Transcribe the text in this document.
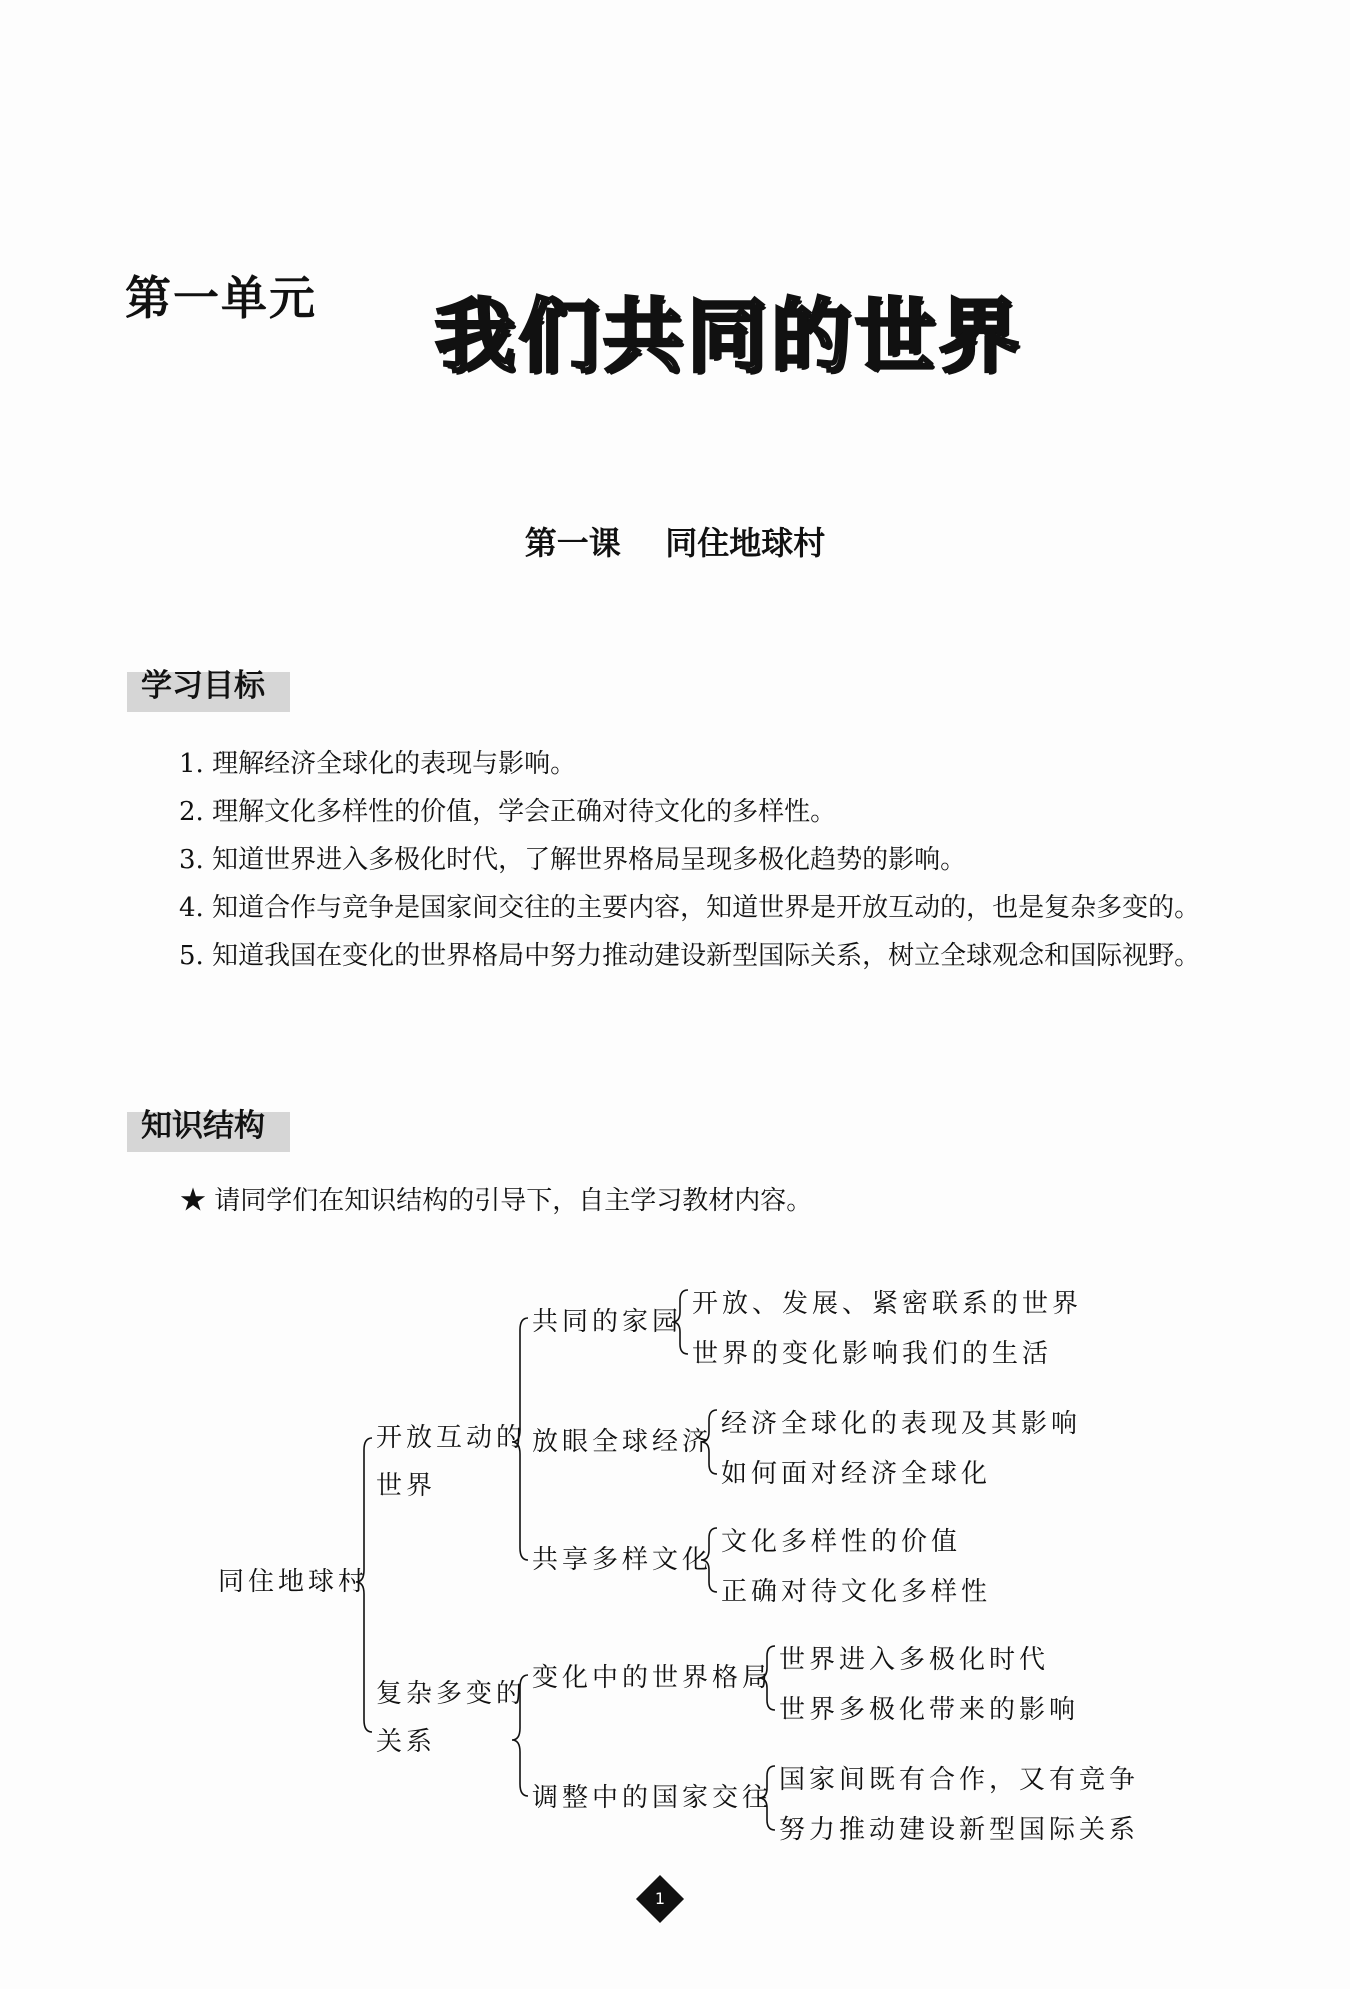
第一单元 我们共同的世界
第一课    同住地球村
学习目标

1. 理解经济全球化的表现与影响。

2. 理解文化多样性的价值，学会正确对待文化的多样性。

3. 知道世界进入多极化时代，了解世界格局呈现多极化趋势的影响。

4. 知道合作与竞争是国家间交往的主要内容，知道世界是开放互动的，也是复杂多变的。

5. 知道我国在变化的世界格局中努力推动建设新型国际关系，树立全球观念和国际视野。

知识结构
★ 请同学们在知识结构的引导下，自主学习教材内容。
同住地球村
开放互动的世界
复杂多变的关系
共同的家园
放眼全球经济
共享多样文化
变化中的世界格局
调整中的国家交往
开放、发展、紧密联系的世界
世界的变化影响我们的生活
经济全球化的表现及其影响
如何面对经济全球化
文化多样性的价值
正确对待文化多样性
世界进入多极化时代
世界多极化带来的影响
国家间既有合作，又有竞争
努力推动建设新型国际关系
1
